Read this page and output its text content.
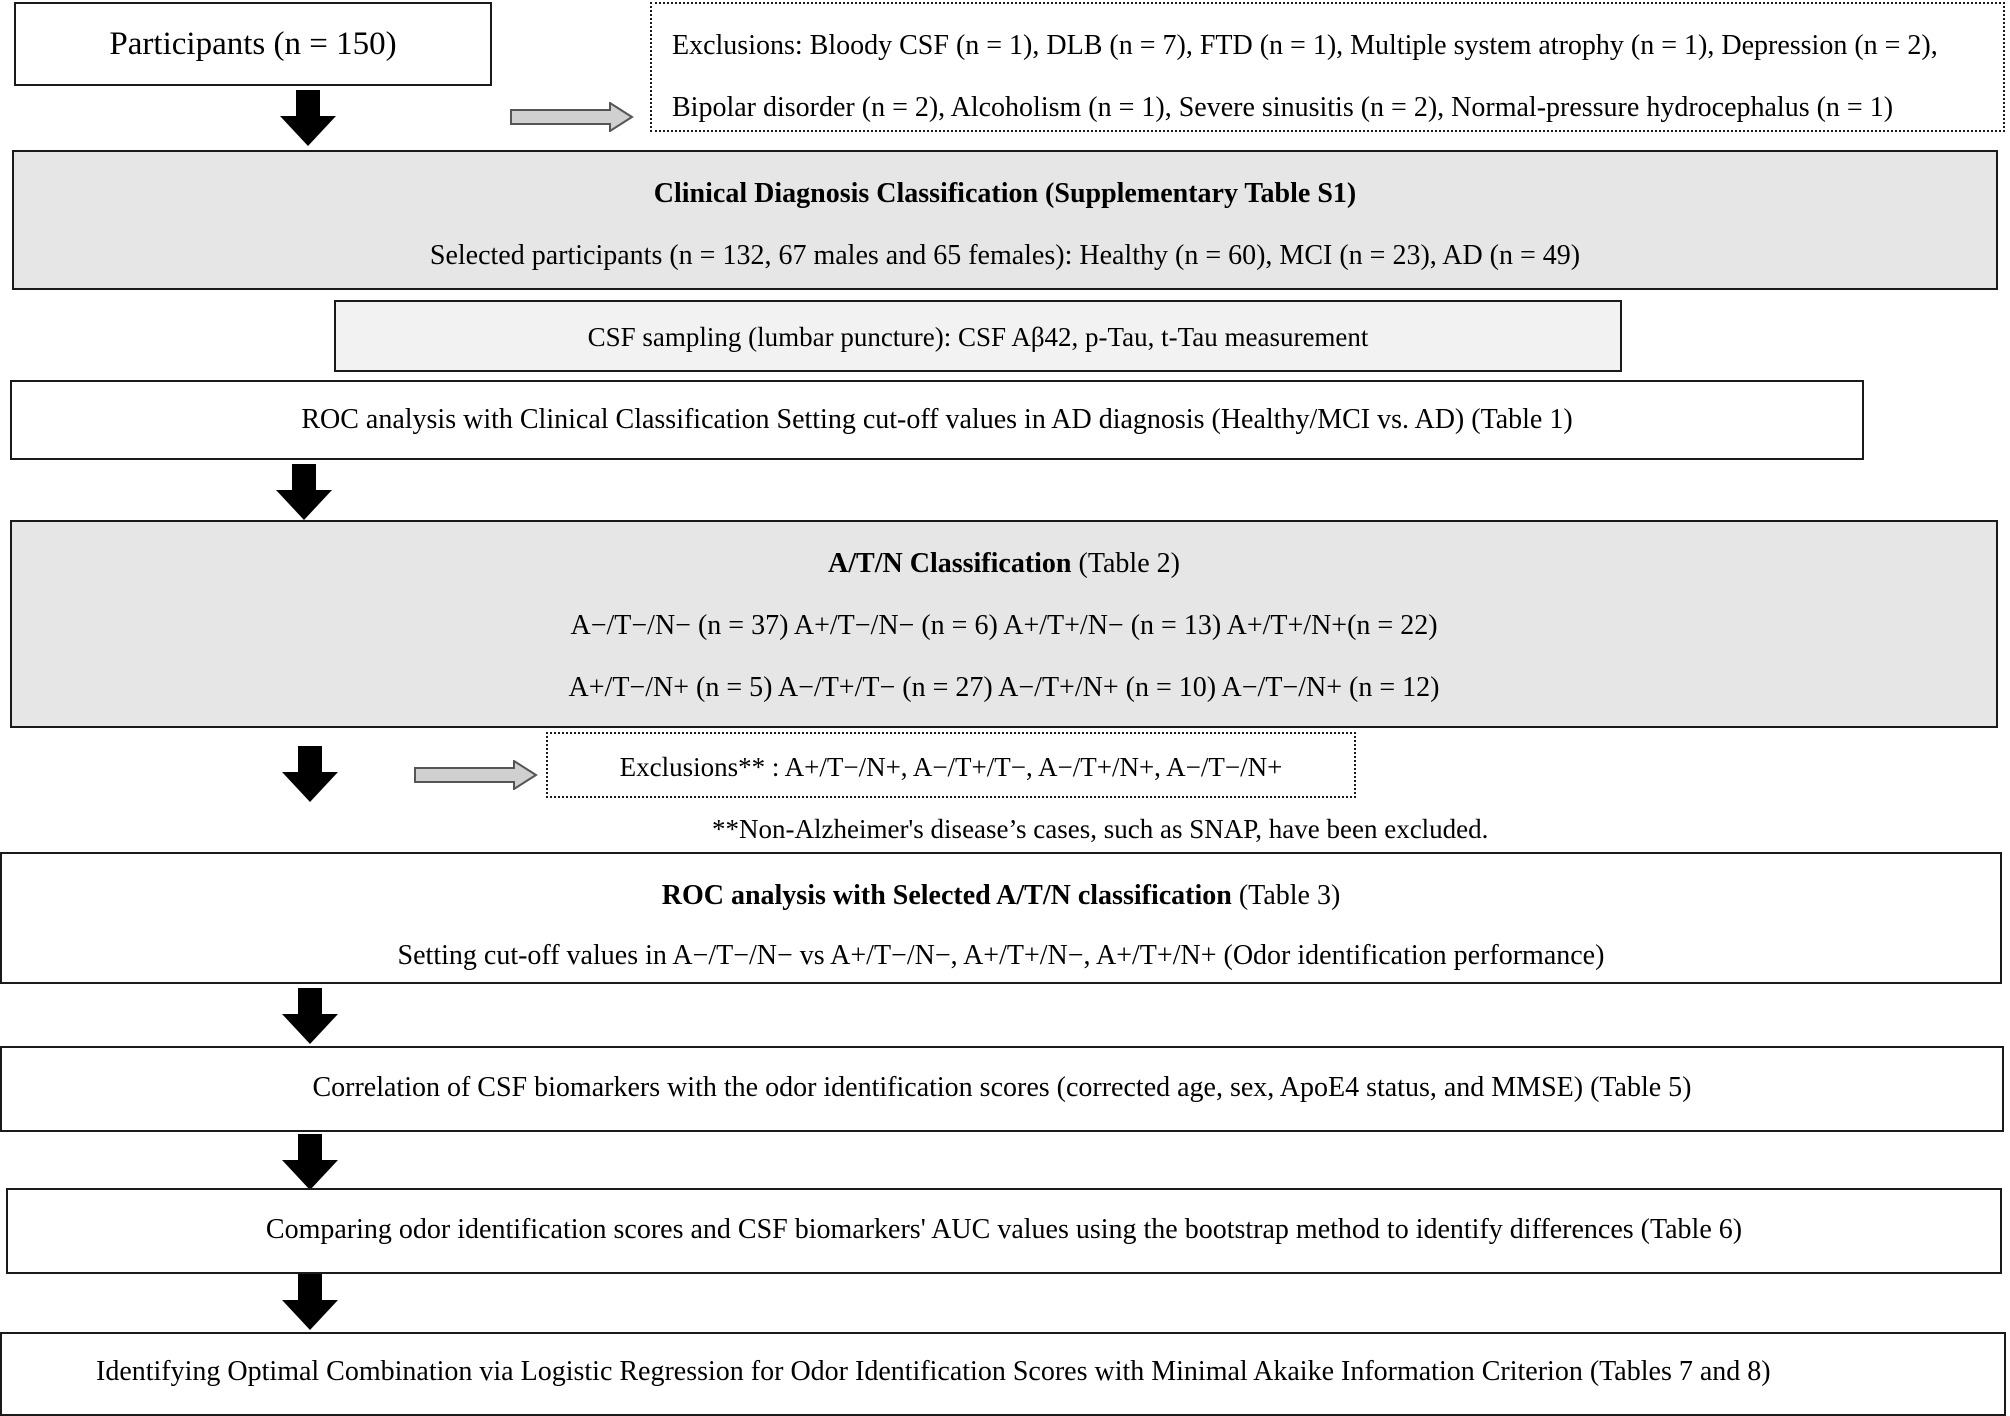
Participants (n = 150)	Exclusions: Bloody CSF (n = 1), DLB (n = 7), FTD (n = 1), Multiple system atrophy (n = 1), Depression (n = 2),
Bipolar disorder (n = 2), Alcoholism (n = 1), Severe sinusitis (n = 2), Normal-pressure hydrocephalus (n = 1)
Clinical Diagnosis Classification (Supplementary Table S1)
Selected participants (n = 132, 67 males and 65 females): Healthy (n = 60), MCI (n = 23), AD (n = 49)
CSF sampling (lumbar puncture): CSF Aβ42, p-Tau, t-Tau measurement
ROC analysis with Clinical Classification Setting cut-off values in AD diagnosis (Healthy/MCI vs. AD) (Table 1)
A/T/N Classification (Table 2)
A−/T−/N− (n = 37) A+/T−/N− (n = 6) A+/T+/N− (n = 13) A+/T+/N+(n = 22)
A+/T−/N+ (n = 5) A−/T+/T− (n = 27) A−/T+/N+ (n = 10) A−/T−/N+ (n = 12)
Exclusions** : A+/T−/N+, A−/T+/T−, A−/T+/N+, A−/T−/N+
**Non-Alzheimer's disease’s cases, such as SNAP, have been excluded.
ROC analysis with Selected A/T/N classification (Table 3)
Setting cut-off values in A−/T−/N− vs A+/T−/N−, A+/T+/N−, A+/T+/N+ (Odor identification performance)
Correlation of CSF biomarkers with the odor identification scores (corrected age, sex, ApoE4 status, and MMSE) (Table 5)
Comparing odor identification scores and CSF biomarkers' AUC values using the bootstrap method to identify differences (Table 6)
Identifying Optimal Combination via Logistic Regression for Odor Identification Scores with Minimal Akaike Information Criterion (Tables 7 and 8)
